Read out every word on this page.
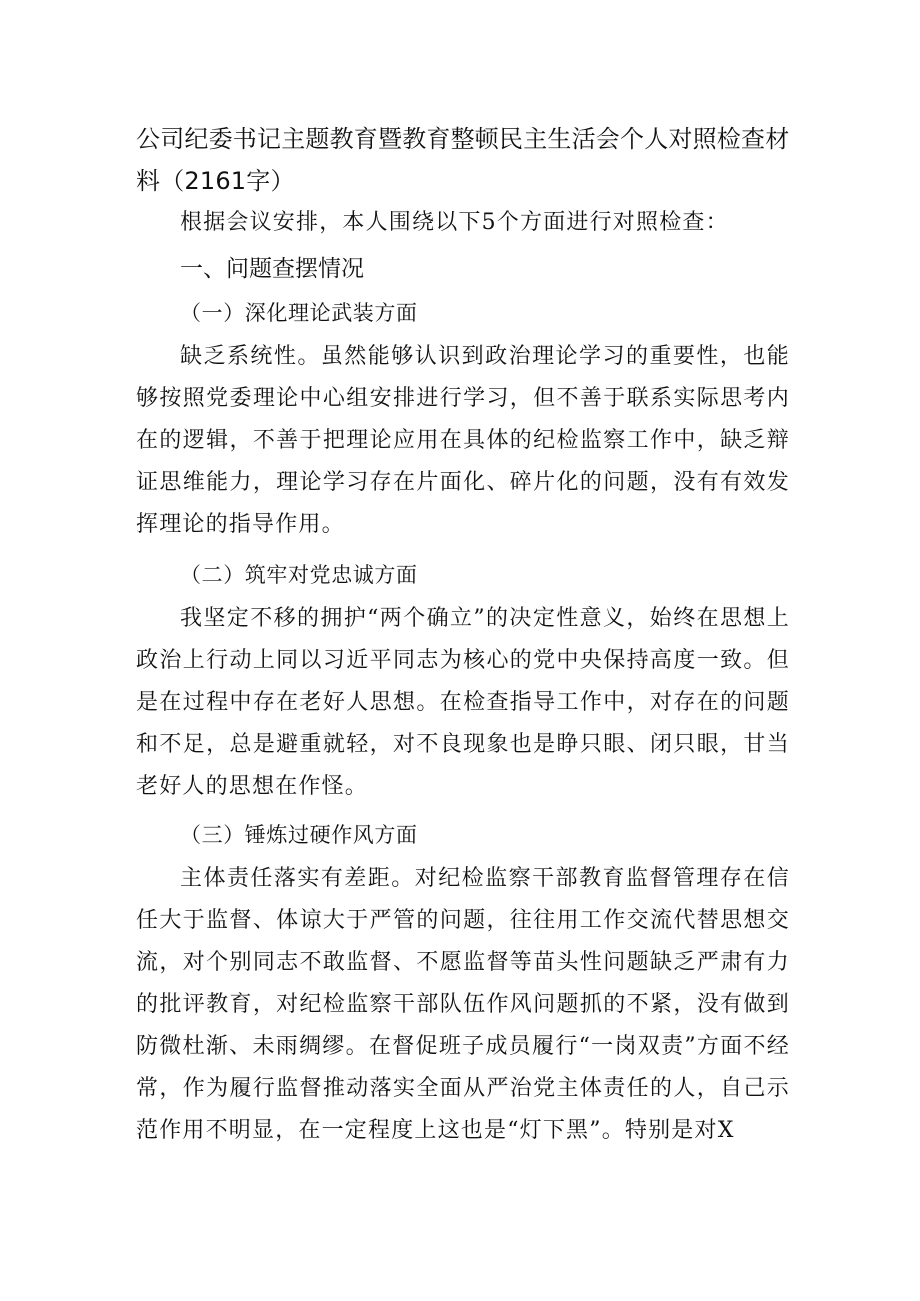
公司纪委书记主题教育暨教育整顿民主生活会个人对照检查材料（2161字）

根据会议安排，本人围绕以下5个方面进行对照检查：

一、问题查摆情况

（一）深化理论武装方面

缺乏系统性。虽然能够认识到政治理论学习的重要性，也能够按照党委理论中心组安排进行学习，但不善于联系实际思考内在的逻辑，不善于把理论应用在具体的纪检监察工作中，缺乏辩证思维能力，理论学习存在片面化、碎片化的问题，没有有效发挥理论的指导作用。

（二）筑牢对党忠诚方面

我坚定不移的拥护“两个确立”的决定性意义，始终在思想上政治上行动上同以习近平同志为核心的党中央保持高度一致。但是在过程中存在老好人思想。在检查指导工作中，对存在的问题和不足，总是避重就轻，对不良现象也是睁只眼、闭只眼，甘当老好人的思想在作怪。

（三）锤炼过硬作风方面

主体责任落实有差距。对纪检监察干部教育监督管理存在信任大于监督、体谅大于严管的问题，往往用工作交流代替思想交流，对个别同志不敢监督、不愿监督等苗头性问题缺乏严肃有力的批评教育，对纪检监察干部队伍作风问题抓的不紧，没有做到防微杜渐、未雨绸缪。在督促班子成员履行“一岗双责”方面不经常，作为履行监督推动落实全面从严治党主体责任的人，自己示范作用不明显，在一定程度上这也是“灯下黑”。特别是对X
